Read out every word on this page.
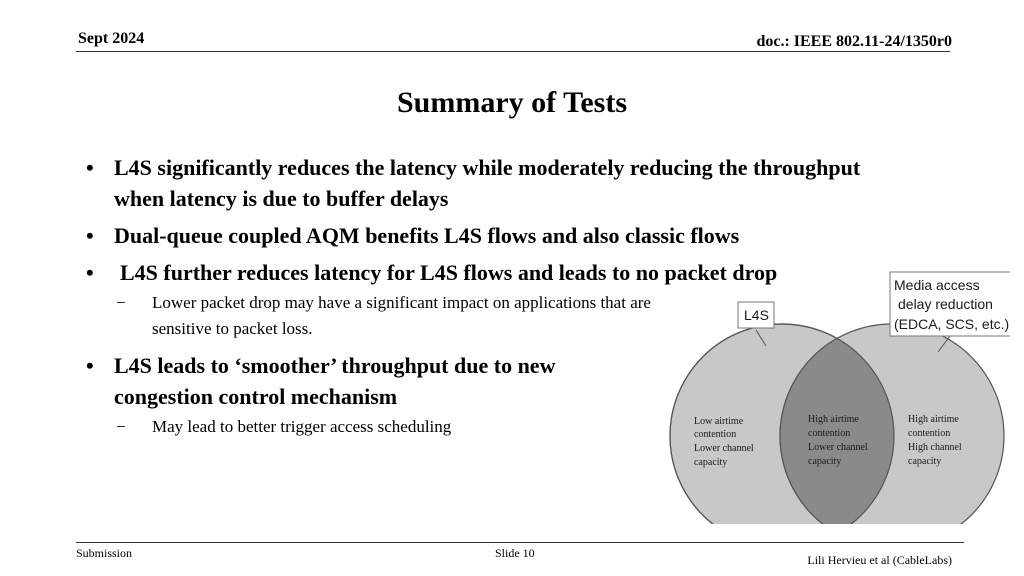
Sept 2024	doc.: IEEE 802.11-24/1350r0
Summary of Tests
• L4S significantly reduces the latency while moderately reducing the throughput when latency is due to buffer delays
• Dual-queue coupled AQM benefits L4S flows and also classic flows
• L4S further reduces latency for L4S flows and leads to no packet drop
− Lower packet drop may have a significant impact on applications that are sensitive to packet loss.
• L4S leads to ‘smoother’ throughput due to new congestion control mechanism
− May lead to better trigger access scheduling
L4S
Media access
delay reduction
(EDCA, SCS, etc.)
Low airtime
contention
Lower channel
capacity
High airtime
contention
Lower channel
capacity
High airtime
contention
High channel
capacity
Submission	Slide 10	Lili Hervieu et al (CableLabs)
